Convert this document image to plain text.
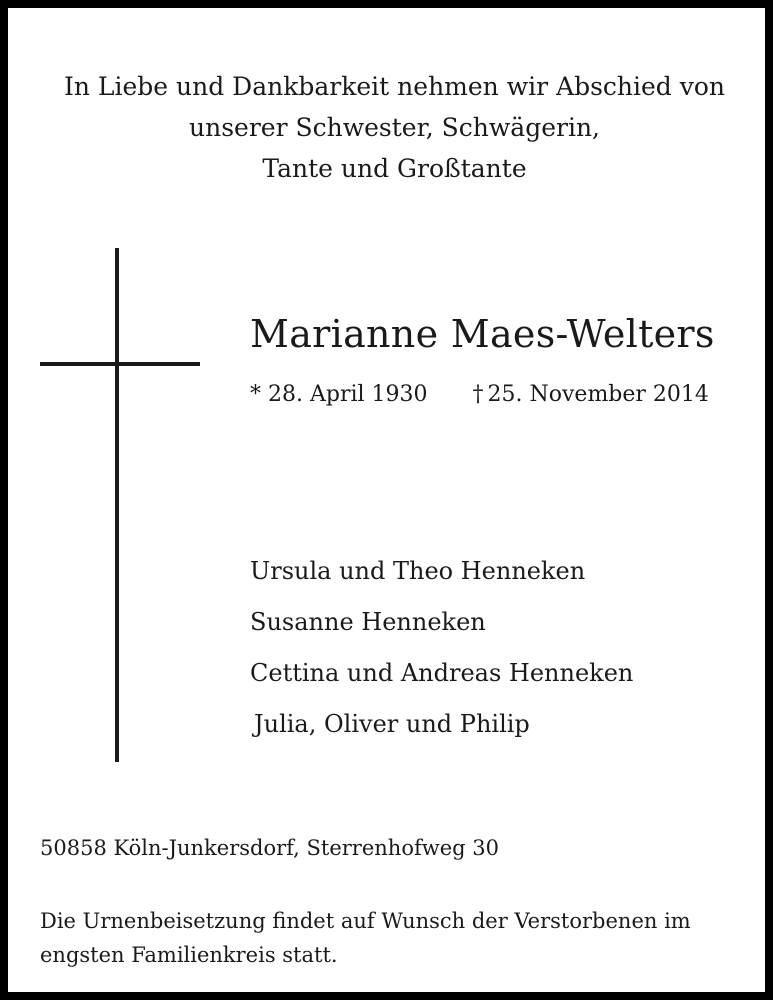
In Liebe und Dankbarkeit nehmen wir Abschied von
unserer Schwester, Schwägerin,
Tante und Großtante
Marianne Maes-Welters
* 28. April 1930 † 25. November 2014
Ursula und Theo Henneken
Susanne Henneken
Cettina und Andreas Henneken
Julia, Oliver und Philip
50858 Köln-Junkersdorf, Sterrenhofweg 30
Die Urnenbeisetzung findet auf Wunsch der Verstorbenen im
engsten Familienkreis statt.
